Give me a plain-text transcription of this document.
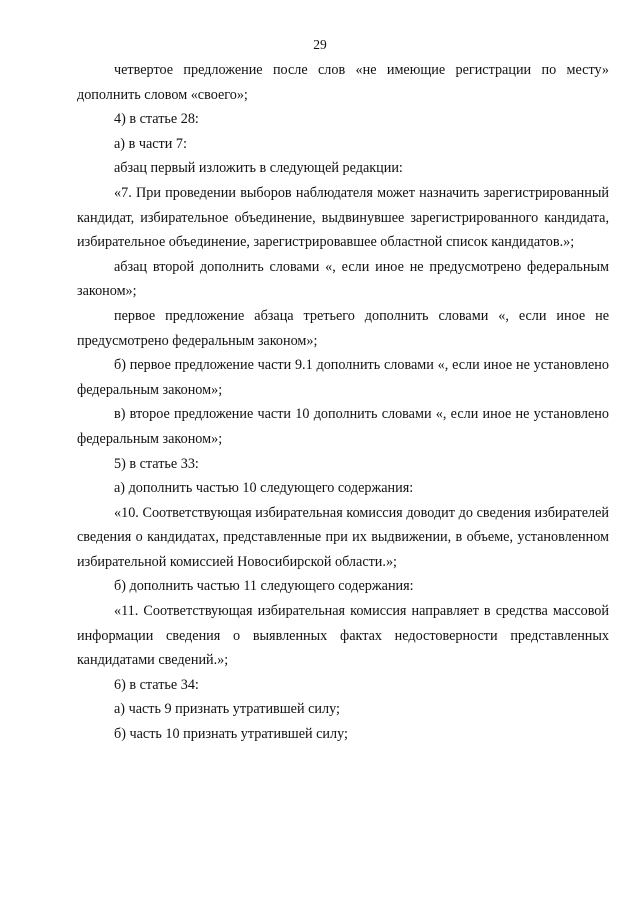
29

четвертое предложение после слов «не имеющие регистрации по месту» дополнить словом «своего»;

4) в статье 28:

а) в части 7:

абзац первый изложить в следующей редакции:

«7. При проведении выборов наблюдателя может назначить зарегистрированный кандидат, избирательное объединение, выдвинувшее зарегистрированного кандидата, избирательное объединение, зарегистрировавшее областной список кандидатов.»;

абзац второй дополнить словами «, если иное не предусмотрено федеральным законом»;

первое предложение абзаца третьего дополнить словами «, если иное не предусмотрено федеральным законом»;

б) первое предложение части 9.1 дополнить словами «, если иное не установлено федеральным законом»;

в) второе предложение части 10 дополнить словами «, если иное не установлено федеральным законом»;

5) в статье 33:

а) дополнить частью 10 следующего содержания:

«10. Соответствующая избирательная комиссия доводит до сведения избирателей сведения о кандидатах, представленные при их выдвижении, в объеме, установленном избирательной комиссией Новосибирской области.»;

б) дополнить частью 11 следующего содержания:

«11. Соответствующая избирательная комиссия направляет в средства массовой информации сведения о выявленных фактах недостоверности представленных кандидатами сведений.»;

6) в статье 34:

а) часть 9 признать утратившей силу;

б) часть 10 признать утратившей силу;
